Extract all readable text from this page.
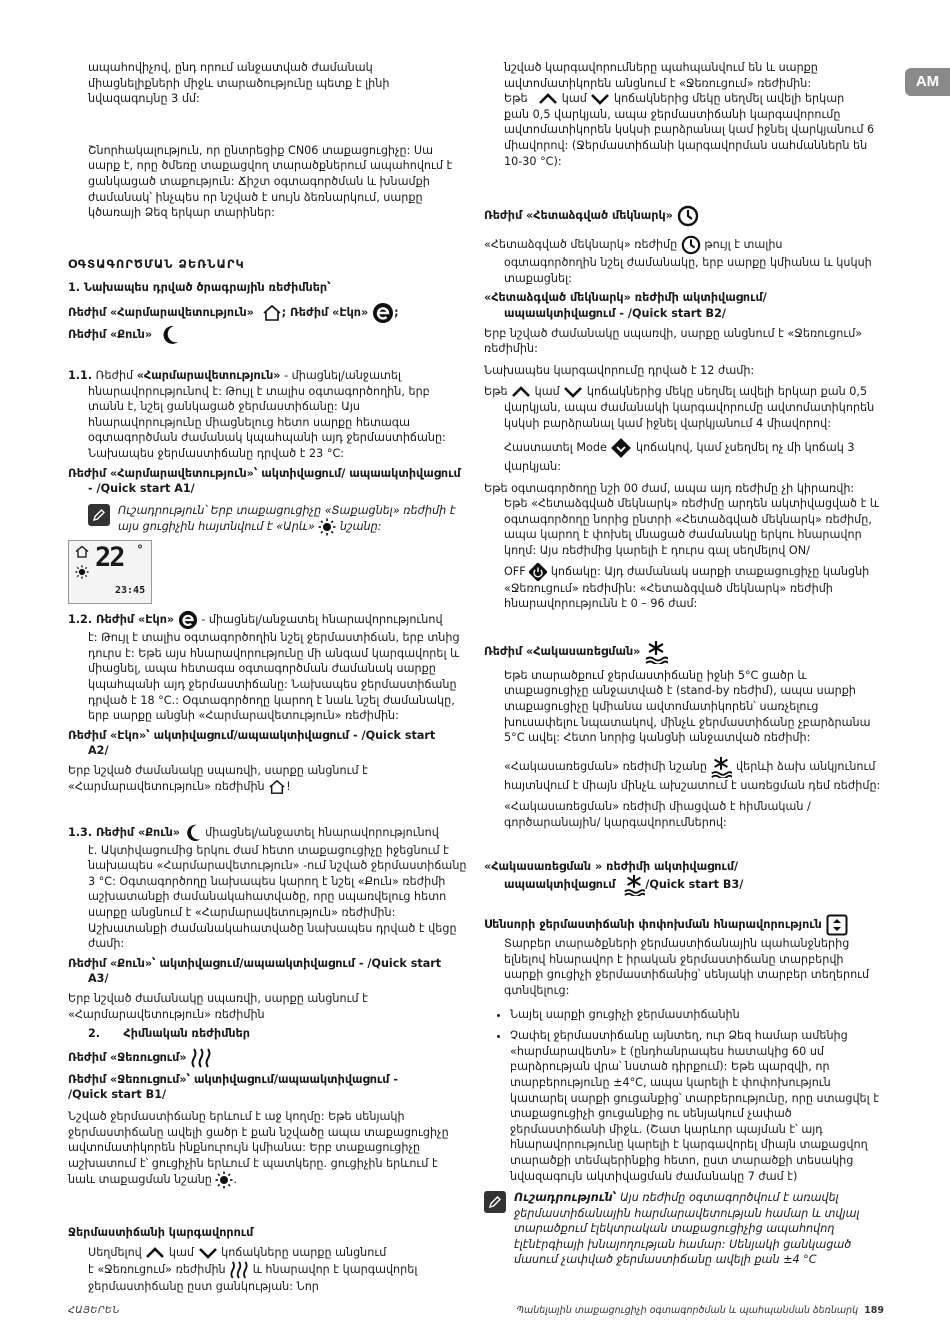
AM

ապահովիչով, ընդ որում անջատված ժամանակ միացնելիքների միջև տարածությունը պետք է լինի նվազագույնը 3 մմ:

Շնորհակալություն, որ ընտրեցիք CN06 տաքացուցիչը: Սա սարք է, որը ծմեռը տաքացվող տարածքներում ապահովում է ցանկացած տաքություն: Ճիշտ օգտագործման և խնամքի ժամանակ՝ ինչպես որ նշված է սույն ձեռնարկում, սարքը կծառայի Ձեզ երկար տարիներ:

ՕԳՏԱԳՈՐԾՄԱՆ ՁԵՌՆԱՐԿ

1. Նախապես դրված ծրագրային ռեժիմներ՝

Ռեժիմ «Հարմարավետություն»
; Ռեժիմ «Էկո»
;

Ռեժիմ «Քուն»

1.1. Ռեժիմ «Հարմարավետություն» - միացնել/անջատել

հնարավորությունով է: Թույլ է տալիս օգտագործողին, երբ տանն է, նշել ցանկացած ջերմաստիճանը: Այս հնարավորությունը միացնելուց հետո սարքը հետագա օգտագործման ժամանակ կպահպանի այդ ջերմաստիճանը: Նախապես ջերմաստիճանը դրված է 23 °C:

Ռեժիմ «Հարմարավետություն»՝ ակտիվացում/ ապաակտիվացում - /Quick start A1/

Ուշադրություն՝ Երբ տաքացուցիչը «Տաքացնել» ռեժիմի է այս ցուցիչին հայտնվում է «Արև» նշանը:

22 °
23:45

1.2. Ռեժիմ «Էկո» - միացնել/անջատել հնարավորությունով

է: Թույլ է տալիս օգտագործողին նշել ջերմաստիճան, երբ տնից դուրս է: Եթե այս հնարավորությունը մի անգամ կարգավորել և միացնել, ապա հետագա օգտագործման ժամանակ սարքը կպահպանի այդ ջերմաստիճանը: Նախապես ջերմաստիճանը դրված է 18 °C.: Օգտագործողը կարող է նաև նշել ժամանակը, երբ սարքը անցնի «Հարմարավետություն» ռեժիմին:

Ռեժիմ «Էկո»՝ ակտիվացում/ապաակտիվացում - /Quick start

A2/

Երբ նշված ժամանակը սպառվի, սարքը անցնում է «Հարմարավետություն» ռեժիմին !

1.3. Ռեժիմ «Քուն» միացնել/անջատել հնարավորությունով

է. Ակտիվացումից երկու ժամ հետո տաքացուցիչը իջեցնում է նախապես «Հարմարավետություն» -ում նշված ջերմաստիճանը 3 °C: Օգտագործողը նախապես կարող է նշել «Քուն» ռեժիմի աշխատանքի ժամանակահատվածը, որը սպառվելուց հետո սարքը անցնում է «Հարմարավետություն» ռեժիմին: Աշխատանքի ժամանակահատվածը նախապես դրված է վեցը ժամի:

Ռեժիմ «Քուն»՝ ակտիվացում/ապաակտիվացում - /Quick start

A3/

Երբ նշված ժամանակը սպառվի, սարքը անցնում է «Հարմարավետություն» ռեժիմին

2. Հիմնական ռեժիմներ

Ռեժիմ «Ջեռուցում»

Ռեժիմ «Ջեռուցում»՝ ակտիվացում/ապաակտիվացում -

/Quick start B1/

Նշված ջերմաստիճանը երևում է աջ կողմը: Եթե սենյակի ջերմաստիճանը ավելի ցածր է քան նշվածը ապա տաքացուցիչը ավտոմատիկորեն ինքնուրույն կմիանա: Երբ տաքացուցիչը աշխատում է՝ ցուցիչին երևում է պատկերը. ցուցիչին երևում է նաև տաքացման նշանը .

Ջերմաստիճանի կարգավորում

Սեղմելով կամ կոճակները սարքը անցնում
է «Ջեռուցում» ռեժիմին և հնարավոր է կարգավորել ջերմաստիճանը ըստ ցանկության: Նոր

նշված կարգավորումները պահպանվում են և սարքը ավտոմատիկորեն անցնում է «Ջեռուցում» ռեժիմին:

Եթե	կամ կոճակներից մեկը սեղմել ավելի երկար

քան 0,5 վարկյան, ապա ջերմաստիճանի կարգավորումը ավտոմատիկորեն կսկսի բարձրանալ կամ իջնել վարկյանում 6 միավորով: (Ջերմաստիճանի կարգավորման սահմաններն են 10-30 °C):

Ռեժիմ «Հետաձգված մեկնարկ»

«Հետաձգված մեկնարկ» ռեժիմը թույլ է տալիս

օգտագործողին նշել ժամանակը, երբ սարքը կմիանա և կսկսի տաքացնել:

«Հետաձգված մեկնարկ» ռեժիմի ակտիվացում/

ապաակտիվացում - /Quick start B2/

Երբ նշված ժամանակը սպառվի, սարքը անցնում է «Ջեռուցում» ռեժիմին:

Նախապես կարգավորումը դրված է 12 ժամի:

Եթե կամ կոճակներից մեկը սեղմել ավելի երկար քան 0,5

վարկյան, ապա ժամանակի կարգավորումը ավտոմատիկորեն կսկսի բարձրանալ կամ իջնել վարկյանում 4 միավորով:

Հաստատել Mode	կոճակով, կամ չսեղմել ոչ մի կոճակ 3
վարկյան:

Եթե օգտագործողը նշի 00 ժամ, ապա այդ ռեժիմը չի կիրառվի:

Եթե «Հետաձգված մեկնարկ» ռեժիմը արդեն ակտիվացված է և օգտագործողը նորից ընտրի «Հետաձգված մեկնարկ» ռեժիմը, ապա կարող է փոխել մնացած ժամանակը երկու հնարավոր կողմ: Այս ռեժիմից կարելի է դուրս գալ սեղմելով ON/

OFF կոճակը: Այդ ժամանակ սարքի տաքացուցիչը կանցնի «Ջեռուցում» ռեժիմին: «Հետաձգված մեկնարկ» ռեժիմի հնարավորությունն է 0 – 96 ժամ:

Ռեժիմ «Հակասառեցման»

Եթե տարածքում ջերմաստիճանը իջնի 5°C ցածր և տաքացուցիչը անջատված է (stand-by ռեժիմ), ապա սարքի տաքացուցիչը կմիանա ավտոմատիկորեն՝ սառչելուց խուսափելու նպատակով, մինչև ջերմաստիճանը չբարձրանա 5°C ավել: Հետո նորից կանցնի անջատված ռեժիմի:

«Հակասառեցման» ռեժիմի նշանը	վերևի ձախ անկյունում

հայտնվում է միայն մինչև ախշատում է սառեցման դեմ ռեժիմը:

«Հակասառեցման» ռեժիմի միացված է հիմնական / գործարանային/ կարգավորումներով:

«Հակասառեցման » ռեժիմի ակտիվացում/

ապաակտիվացում
	/Quick start B3/

Սենսորի ջերմաստիճանի փոփոխման հնարավորություն

Տարբեր տարածքների ջերմաստիճանային պահանջներից ելնելով հնարավոր է իրական ջերմաստիճանը տարբերվի սարքի ցուցիչի ջերմաստիճանից՝ սենյակի տարբեր տեղերում գտնվելուց:

• Նայել սարքի ցուցիչի ջերմաստիճանին
• Չափել ջերմաստիճանը այնտեղ, ուր Ձեզ համար ամենից «հարմարավետն» է (ընդհանրապես հատակից 60 սմ բարձրության վրա՝ նստած դիրքում): Եթե պարզվի, որ տարբերությունը ±4°C, ապա կարելի է փոփոխություն կատարել սարքի ցուցանքից՝ տարբերությունը, որը ստացվել է տաքացուցիչի ցուցանքից ու սենյակում չափած ջերմաստիճանի միջև. (Շատ կարևոր պայման է՝ այդ հնարավորությունը կարելի է կարգավորել միայն տաքացվող տարածքի տեմպերինքից հետո, ըստ տարածքի տեսակից նվազագույն ակտիվացման ժամանակը 7 ժամ է)

Ուշադրություն՝ Այս ռեժիմը օգտագործվում է առավել ջերմաստիճանային հարմարավետության համար և տվյալ տարածքում էլեկտրական տաքացուցիչից ապահովող էլէնէրգիայի խնայողության համար: Սենյակի ցանկացած մասում չափված ջերմաստիճանը ավելի քան ±4 °C

ՀԱՅԵՐԵՆ	Պանելային տաքացուցիչի օգտագործման և պահպանման ձեռնարկ 189
